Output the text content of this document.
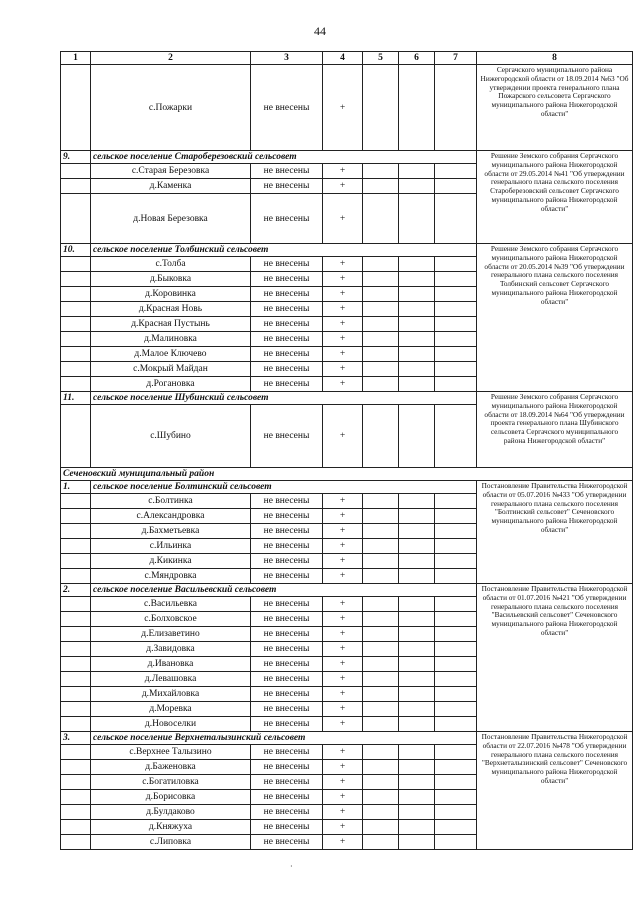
44
1	2	3	4	5	6	7	8
	с.Пожарки	не внесены	+				Сергачского муниципального района Нижегородской области от 18.09.2014 №63 "Об утверждении проекта генерального плана Пожарского сельсовета Сергачского муниципального района Нижегородской области"
9.	сельское поселение Староберезовский сельсовет						Решение Земского собрания Сергачского муниципального района Нижегородской области от 29.05.2014 №41 "Об утверждении генерального плана сельского поселения Староберезовский сельсовет Сергачского муниципального района Нижегородской области"
	с.Старая Березовка	не внесены	+				
	д.Каменка	не внесены	+				
	д.Новая Березовка	не внесены	+				
10.	сельское поселение Толбинский сельсовет						Решение Земского собрания Сергачского муниципального района Нижегородской области от 20.05.2014 №39 "Об утверждении генерального плана сельского поселения Толбинский сельсовет Сергачского муниципального района Нижегородской области"
	с.Толба	не внесены	+				
	д.Быковка	не внесены	+				
	д.Коровинка	не внесены	+				
	д.Красная Новь	не внесены	+				
	д.Красная Пустынь	не внесены	+				
	д.Малиновка	не внесены	+				
	д.Малое Ключево	не внесены	+				
	с.Мокрый Майдан	не внесены	+				
	д.Рогановка	не внесены	+				
11.	сельское поселение Шубинский сельсовет						Решение Земского собрания Сергачского муниципального района Нижегородской области от 18.09.2014 №64 "Об утверждении проекта генерального плана Шубинского сельсовета Сергачского муниципального района Нижегородской области"
	с.Шубино	не внесены	+				
Сеченовский муниципальный район							
1.	сельское поселение Болтинский сельсовет						Постановление Правительства Нижегородской области от 05.07.2016 №433 "Об утверждении генерального плана сельского поселения "Болтинский сельсовет" Сеченовского муниципального района Нижегородской области"
	с.Болтинка	не внесены	+				
	с.Александровка	не внесены	+				
	д.Бахметьевка	не внесены	+				
	с.Ильинка	не внесены	+				
	д.Кикинка	не внесены	+				
	с.Мяндровка	не внесены	+				
2.	сельское поселение Васильевский сельсовет						Постановление Правительства Нижегородской области от 01.07.2016 №421 "Об утверждении генерального плана сельского поселения "Васильевский сельсовет" Сеченовского муниципального района Нижегородской области"
	с.Васильевка	не внесены	+				
	с.Болховское	не внесены	+				
	д.Елизаветино	не внесены	+				
	д.Завидовка	не внесены	+				
	д.Ивановка	не внесены	+				
	д.Левашовка	не внесены	+				
	д.Михайловка	не внесены	+				
	д.Моревка	не внесены	+				
	д.Новоселки	не внесены	+				
3.	сельское поселение Верхнеталызинский сельсовет						Постановление Правительства Нижегородской области от 22.07.2016 №478 "Об утверждении генерального плана сельского поселения "Верхнеталызинский сельсовет" Сеченовского муниципального района Нижегородской области"
	с.Верхнее Талызино	не внесены	+				
	д.Баженовка	не внесены	+				
	с.Богатиловка	не внесены	+				
	д.Борисовка	не внесены	+				
	д.Булдаково	не внесены	+				
	д.Княжуха	не внесены	+				
	с.Липовка	не внесены	+				
·
